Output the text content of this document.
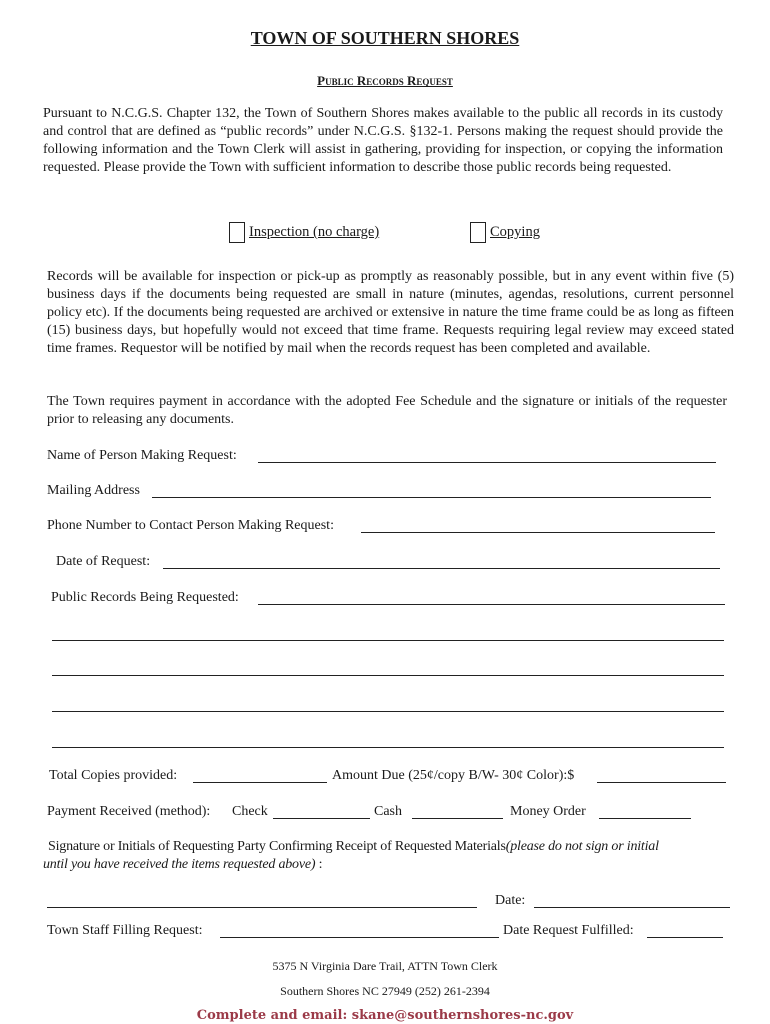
TOWN OF SOUTHERN SHORES
Public Records Request
Pursuant to N.C.G.S. Chapter 132, the Town of Southern Shores makes available to the public all records in its custody and control that are defined as “public records” under N.C.G.S. §132-1. Persons making the request should provide the following information and the Town Clerk will assist in gathering, providing for inspection, or copying the information requested. Please provide the Town with sufficient information to describe those public records being requested.
Inspection (no charge)	Copying
Records will be available for inspection or pick-up as promptly as reasonably possible, but in any event within five (5) business days if the documents being requested are small in nature (minutes, agendas, resolutions, current personnel policy etc). If the documents being requested are archived or extensive in nature the time frame could be as long as fifteen (15) business days, but hopefully would not exceed that time frame. Requests requiring legal review may exceed stated time frames. Requestor will be notified by mail when the records request has been completed and available.
The Town requires payment in accordance with the adopted Fee Schedule and the signature or initials of the requester prior to releasing any documents.
Name of Person Making Request:
Mailing Address
Phone Number to Contact Person Making Request:
Date of Request:
Public Records Being Requested:
Total Copies provided:	Amount Due (25¢/copy B/W- 30¢ Color):$
Payment Received (method): Check	Cash	Money Order
Signature or Initials of Requesting Party Confirming Receipt of Requested Materials(please do not sign or initial
until you have received the items requested above) :
Date:
Town Staff Filling Request:	Date Request Fulfilled:
5375 N Virginia Dare Trail, ATTN Town Clerk
Southern Shores NC 27949 (252) 261-2394
Complete and email: skane@southernshores-nc.gov
